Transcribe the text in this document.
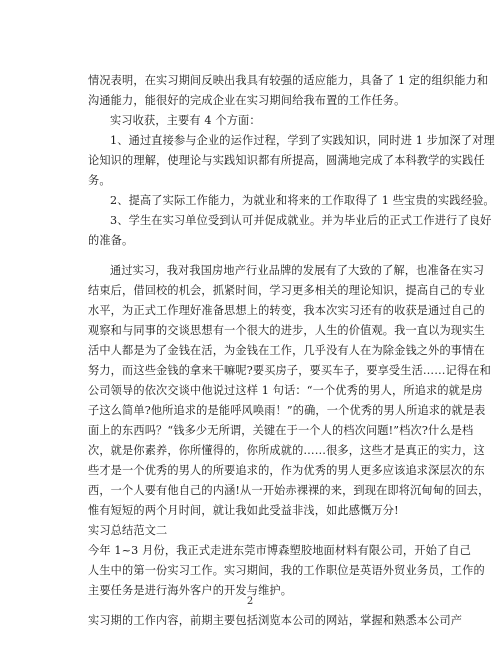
情况表明，在实习期间反映出我具有较强的适应能力，具备了 1 定的组织能力和
沟通能力，能很好的完成企业在实习期间给我布置的工作任务。
实习收获，主要有 4 个方面：
1、通过直接参与企业的运作过程，学到了实践知识，同时进 1 步加深了对理
论知识的理解，使理论与实践知识都有所提高，圆满地完成了本科教学的实践任
务。
2、提高了实际工作能力，为就业和将来的工作取得了 1 些宝贵的实践经验。
3、学生在实习单位受到认可并促成就业。并为毕业后的正式工作进行了良好
的准备。
通过实习，我对我国房地产行业品牌的发展有了大致的了解，也准备在实习
结束后，借回校的机会，抓紧时间，学习更多相关的理论知识，提高自己的专业
水平，为正式工作理好准备思想上的转变，我本次实习还有的收获是通过自己的
观察和与同事的交谈思想有一个很大的进步，人生的价值观。我一直以为现实生
活中人都是为了金钱在活，为金钱在工作，几乎没有人在为除金钱之外的事情在
努力，而这些金钱的拿来干嘛呢?要买房子，要买车子，要享受生活……记得在和
公司领导的依次交谈中他说过这样 1 句话：“一个优秀的男人，所追求的就是房
子这么简单?他所追求的是能呼风唤雨！”的确，一个优秀的男人所追求的就是表
面上的东西吗？“钱多少无所谓，关键在于一个人的档次问题!”档次?什么是档
次，就是你素养，你所懂得的，你所成就的……很多，这些才是真正的实力，这
些才是一个优秀的男人的所要追求的，作为优秀的男人更多应该追求深层次的东
西，一个人要有他自己的内涵!从一开始赤裸裸的来，到现在即将沉甸甸的回去，
惟有短短的两个月时间，就让我如此受益非浅，如此感慨万分!
实习总结范文二
今年 1~3 月份，我正式走进东莞市博森塑胶地面材料有限公司，开始了自己
人生中的第一份实习工作。实习期间，我的工作职位是英语外贸业务员，工作的
主要任务是进行海外客户的开发与维护。
实习期的工作内容，前期主要包括浏览本公司的网站，掌握和熟悉本公司产
2
